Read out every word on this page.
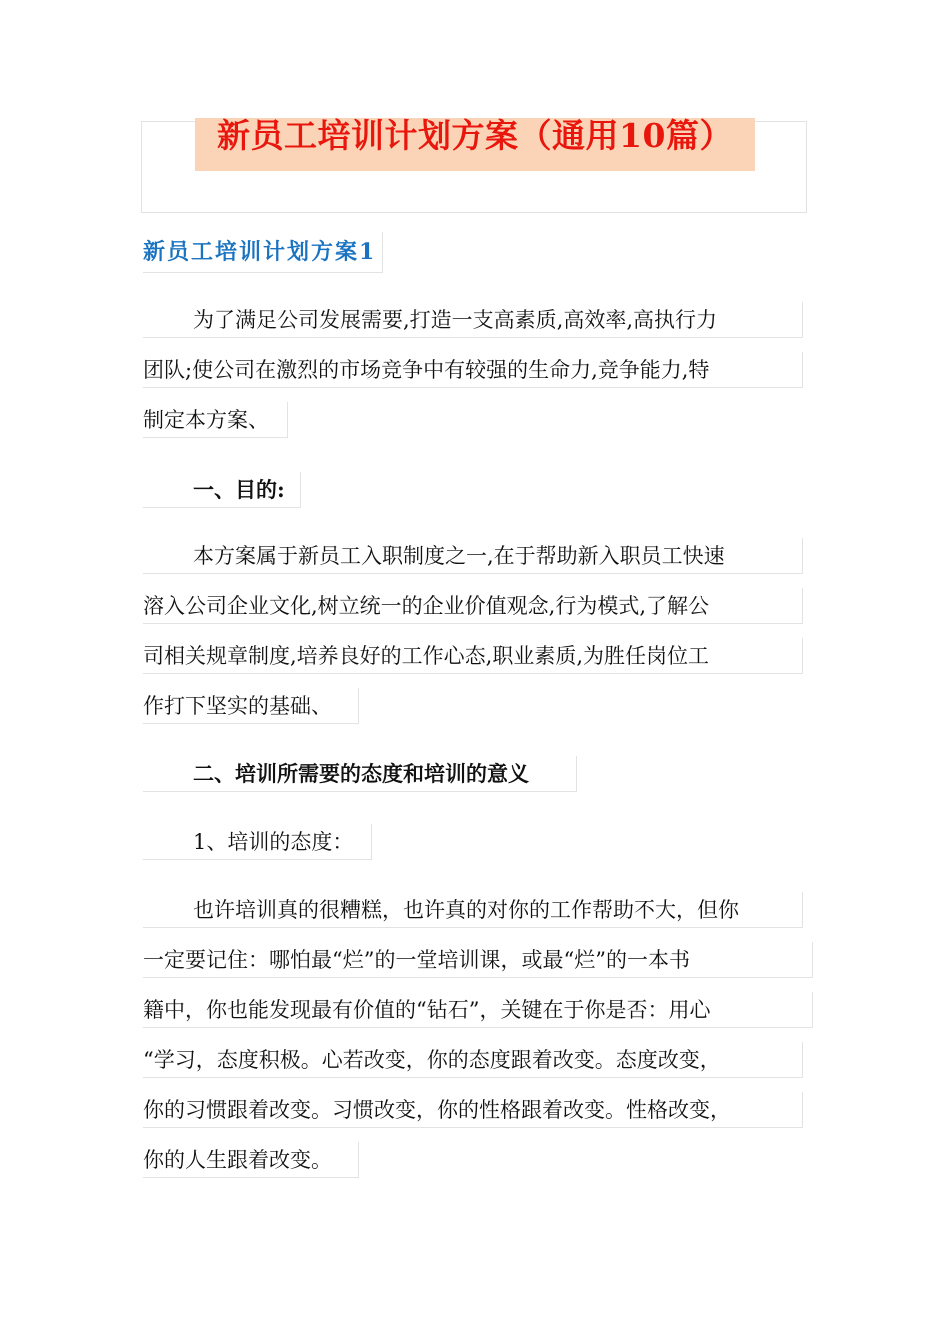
新员工培训计划方案（通用10篇）
新员工培训计划方案1
为了满足公司发展需要,打造一支高素质,高效率,高执行力
团队;使公司在激烈的市场竞争中有较强的生命力,竞争能力,特
制定本方案、
一、目的:
本方案属于新员工入职制度之一,在于帮助新入职员工快速
溶入公司企业文化,树立统一的企业价值观念,行为模式,了解公
司相关规章制度,培养良好的工作心态,职业素质,为胜任岗位工
作打下坚实的基础、
二、培训所需要的态度和培训的意义
1、培训的态度：
也许培训真的很糟糕，也许真的对你的工作帮助不大，但你
一定要记住：哪怕最“烂”的一堂培训课，或最“烂”的一本书
籍中，你也能发现最有价值的“钻石”，关键在于你是否：用心
“学习，态度积极。心若改变，你的态度跟着改变。态度改变，
你的习惯跟着改变。习惯改变，你的性格跟着改变。性格改变，
你的人生跟着改变。
